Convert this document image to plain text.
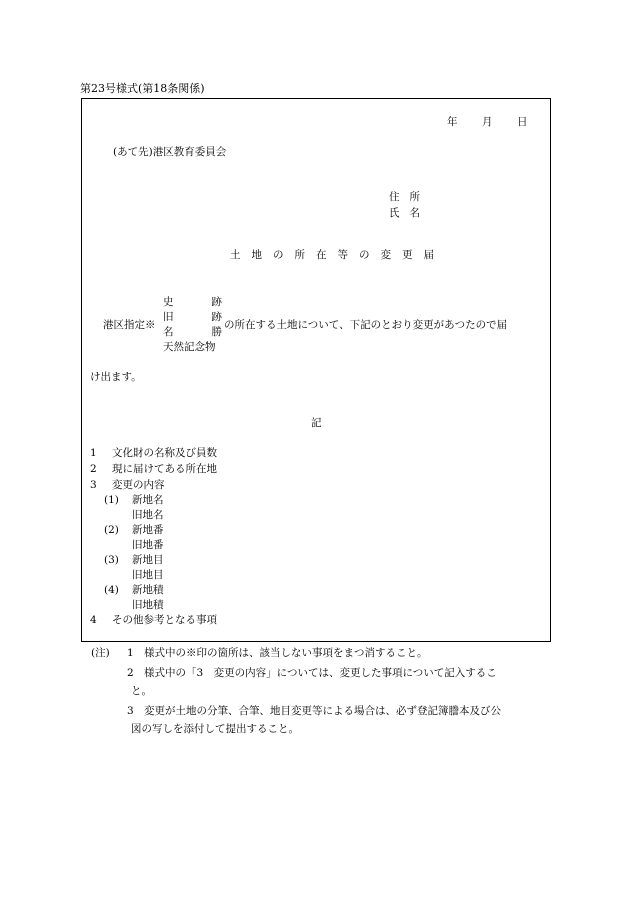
第23号様式(第18条関係)
年 月 日
(あて先)港区教育委員会
住 所
氏 名
土 地 の 所 在 等 の 変 更 届
港区指定※
史	跡
旧	跡
名	勝
天然記念物
の所在する土地について、下記のとおり変更があつたので届
け出ます。
記
1 文化財の名称及び員数
2 現に届けてある所在地
3 変更の内容
(1) 新地名
旧地名
(2) 新地番
旧地番
(3) 新地目
旧地目
(4) 新地積
旧地積
4 その他参考となる事項
(注) 1 様式中の※印の箇所は、該当しない事項をまつ消すること。
2 様式中の「3　変更の内容」については、変更した事項について記入するこ
と。
3 変更が土地の分筆、合筆、地目変更等による場合は、必ず登記簿謄本及び公
図の写しを添付して提出すること。
